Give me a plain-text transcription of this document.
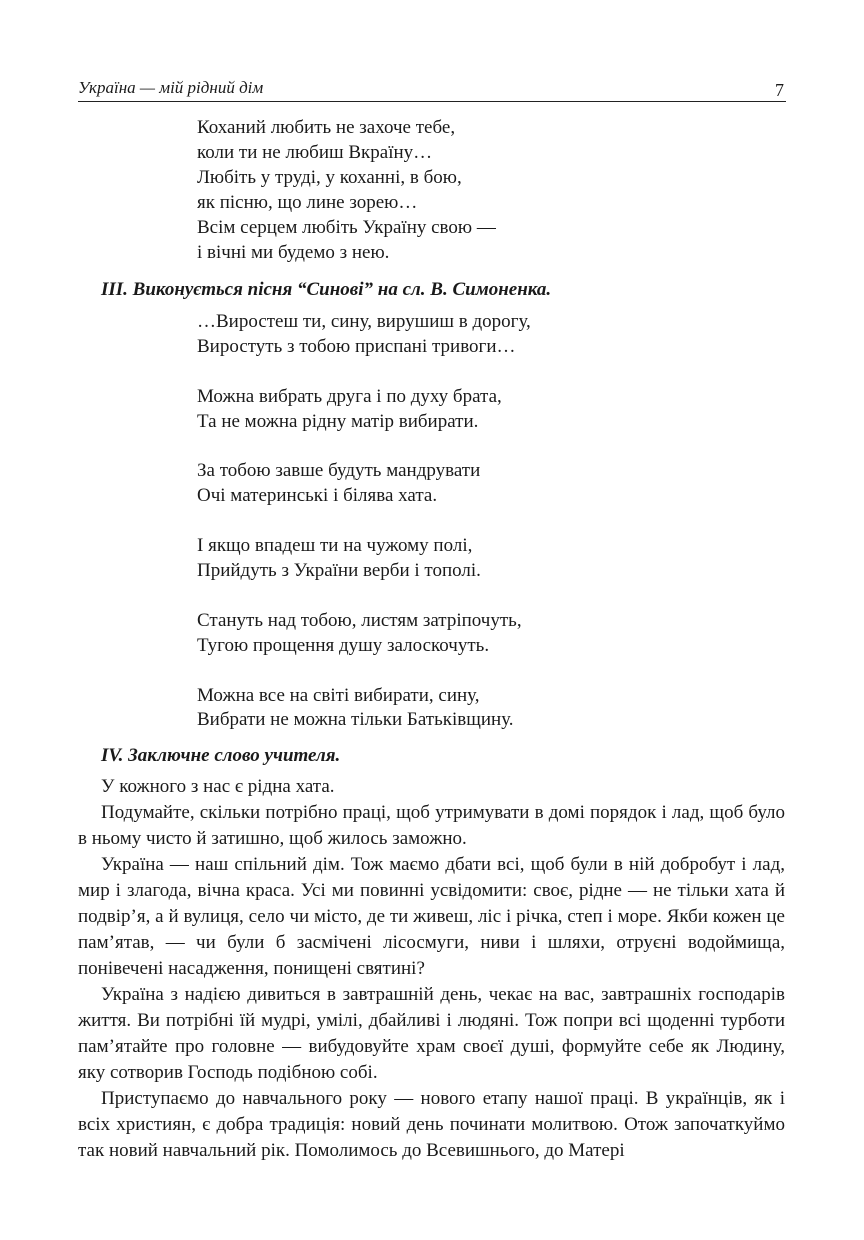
Україна — мій рідний дім	7
Коханий любить не захоче тебе,
коли ти не любиш Вкраїну…
Любіть у труді, у коханні, в бою,
як пісню, що лине зорею…
Всім серцем любіть Україну свою —
і вічні ми будемо з нею.
ІІІ. Виконується пісня “Синові” на сл. В. Симоненка.
…Виростеш ти, сину, вирушиш в дорогу,
Виростуть з тобою приспані тривоги…
Можна вибрать друга і по духу брата,
Та не можна рідну матір вибирати.
За тобою завше будуть мандрувати
Очі материнські і білява хата.
І якщо впадеш ти на чужому полі,
Прийдуть з України верби і тополі.
Стануть над тобою, листям затріпочуть,
Тугою прощення душу залоскочуть.
Можна все на світі вибирати, сину,
Вибрати не можна тільки Батьківщину.
ІV. Заключне слово учителя.

У кожного з нас є рідна хата.

Подумайте, скільки потрібно праці, щоб утримувати в домі порядок і лад, щоб було в ньому чисто й затишно, щоб жилось заможно.

Україна — наш спільний дім. Тож маємо дбати всі, щоб були в ній добробут і лад, мир і злагода, вічна краса. Усі ми повинні усвідомити: своє, рідне — не тільки хата й подвір’я, а й вулиця, село чи місто, де ти живеш, ліс і річка, степ і море. Якби кожен це пам’ятав, — чи були б засмічені лісосмуги, ниви і шляхи, отруєні водоймища, понівечені насадження, понищені святині?

Україна з надією дивиться в завтрашній день, чекає на вас, завтрашніх господарів життя. Ви потрібні їй мудрі, умілі, дбайливі і людяні. Тож попри всі щоденні турботи пам’ятайте про головне — вибудовуйте храм своєї душі, формуйте себе як Людину, яку сотворив Господь подібною собі.

Приступаємо до навчального року — нового етапу нашої праці. В українців, як і всіх християн, є добра традиція: новий день починати молитвою. Отож започаткуймо так новий навчальний рік. Помолимось до Всевишнього, до Матері
